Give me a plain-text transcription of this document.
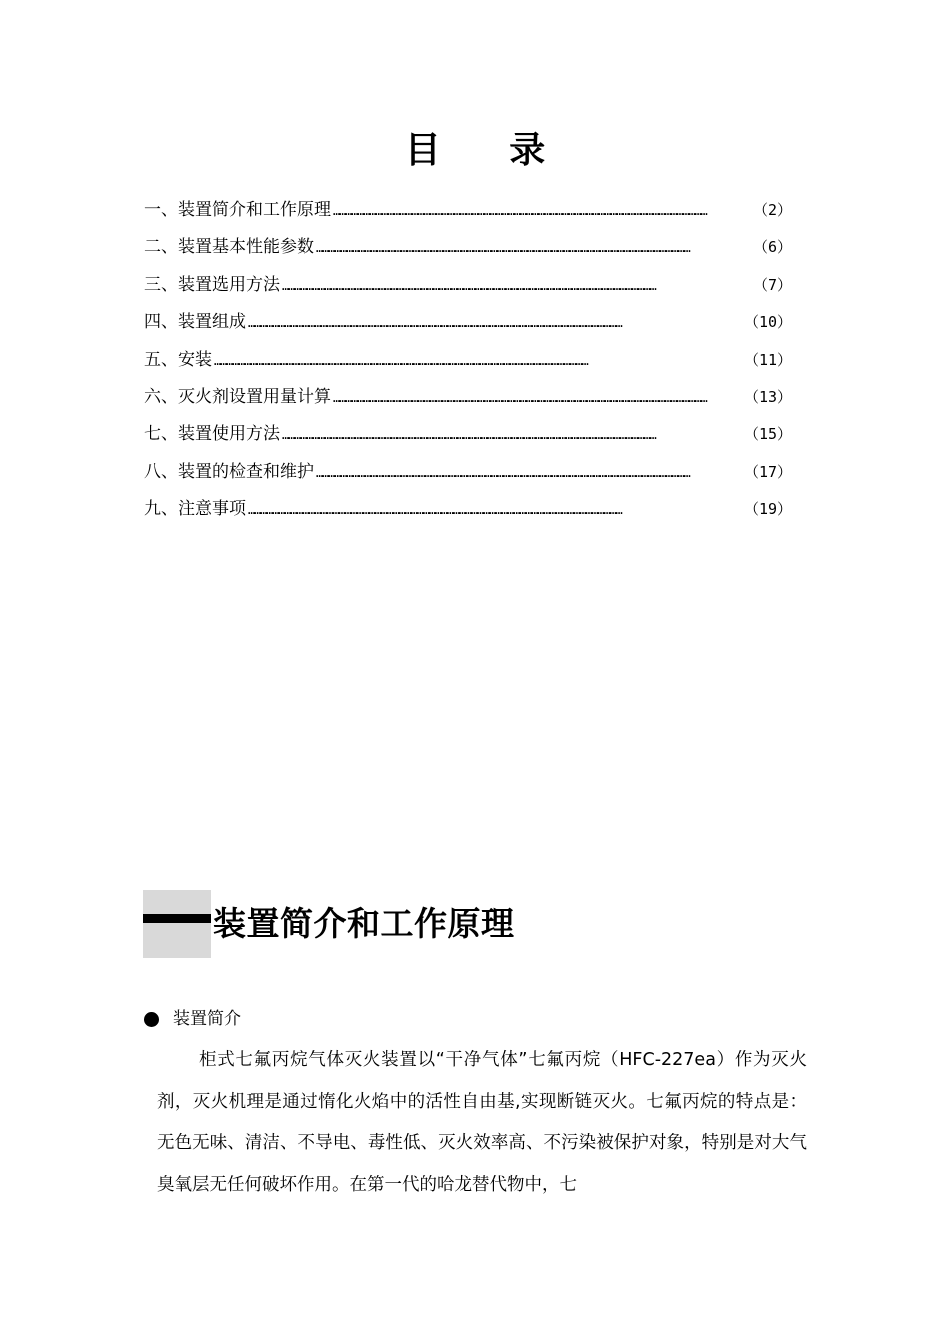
目 录
一、装置简介和工作原理 ……………………………………………………………………………………………………………………………………………………………………	（2）
二、装置基本性能参数 ……………………………………………………………………………………………………………………………………………………………………	（6）
三、装置选用方法 ……………………………………………………………………………………………………………………………………………………………………	（7）
四、装置组成 ……………………………………………………………………………………………………………………………………………………………………	（10）
五、安装 ……………………………………………………………………………………………………………………………………………………………………	（11）
六、灭火剂设置用量计算 ……………………………………………………………………………………………………………………………………………………………………	（13）
七、装置使用方法 ……………………………………………………………………………………………………………………………………………………………………	（15）
八、装置的检查和维护 ……………………………………………………………………………………………………………………………………………………………………	（17）
九、注意事项 ……………………………………………………………………………………………………………………………………………………………………	（19）
装置简介和工作原理
装置简介

柜式七氟丙烷气体灭火装置以“干净气体”七氟丙烷（HFC-227ea）作为灭火剂，灭火机理是通过惰化火焰中的活性自由基,实现断链灭火。七氟丙烷的特点是：无色无味、清洁、不导电、毒性低、灭火效率高、不污染被保护对象，特别是对大气臭氧层无任何破坏作用。在第一代的哈龙替代物中，七
